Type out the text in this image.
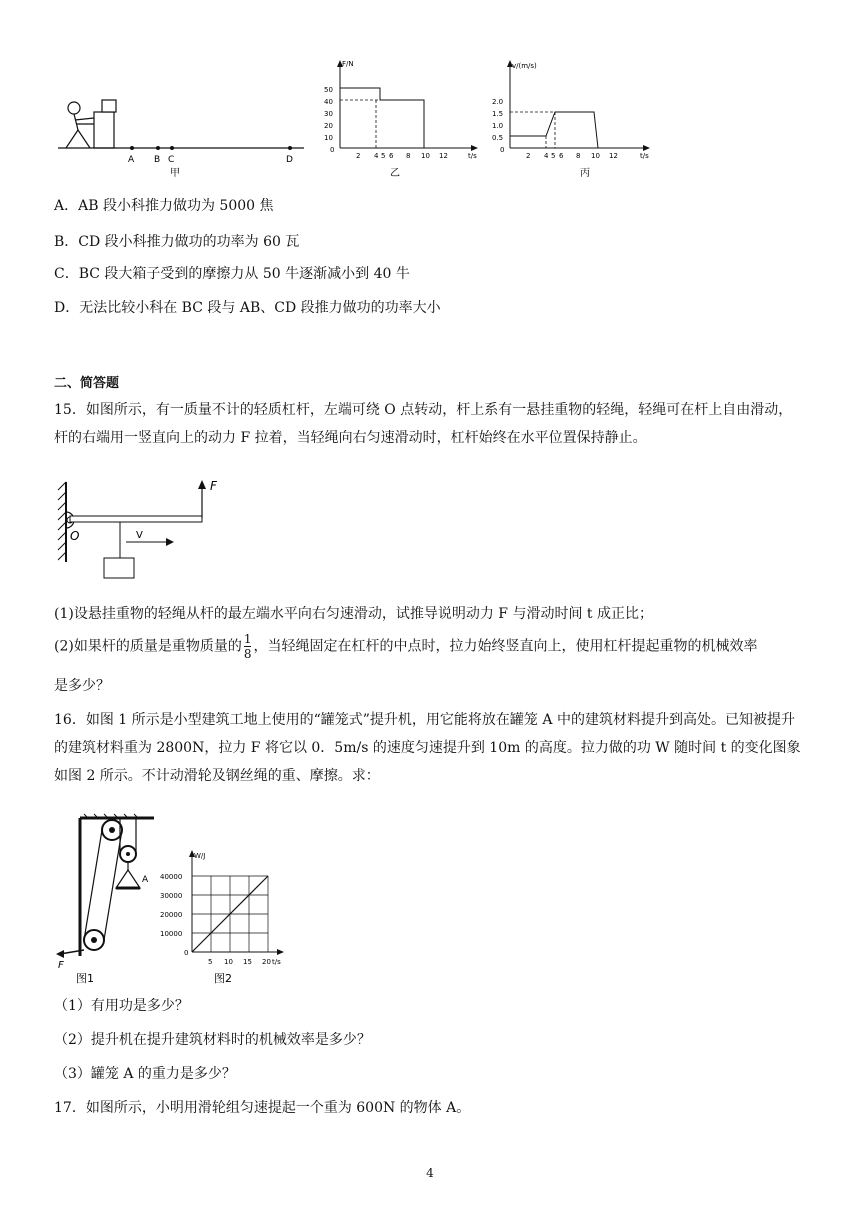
A B C	D
甲
F/N
50
40
30
20
10
0
2 4 5 6 8 10 12	t/s
乙
v/(m/s)
2.0
1.5
1.0
0.5
0
2 4 5 6 8 10 12	t/s
丙
A．AB 段小科推力做功为 5000 焦
B．CD 段小科推力做功的功率为 60 瓦
C．BC 段大箱子受到的摩擦力从 50 牛逐渐减小到 40 牛
D．无法比较小科在 BC 段与 AB、CD 段推力做功的功率大小
二、简答题
15．如图所示，有一质量不计的轻质杠杆，左端可绕 O 点转动，杆上系有一悬挂重物的轻绳，轻绳可在杆上自由滑动，杆的右端用一竖直向上的动力 F 拉着，当轻绳向右匀速滑动时，杠杆始终在水平位置保持静止。
F
O	V
(1)设悬挂重物的轻绳从杆的最左端水平向右匀速滑动，试推导说明动力 F 与滑动时间 t 成正比；
(2)如果杆的质量是重物质量的 $\frac{1}{8}$ ，当轻绳固定在杠杆的中点时，拉力始终竖直向上，使用杠杆提起重物的机械效率
是多少？
16．如图 1 所示是小型建筑工地上使用的“罐笼式”提升机，用它能将放在罐笼 A 中的建筑材料提升到高处。已知被提升的建筑材料重为 2800N，拉力 F 将它以 0．5m/s 的速度匀速提升到 10m 的高度。拉力做的功 W 随时间 t 的变化图象如图 2 所示。不计动滑轮及钢丝绳的重、摩擦。求：
A
F
图1
W/J
40000
30000
20000
10000
0
5 10 15 20 t/s
图2
（1）有用功是多少？
（2）提升机在提升建筑材料时的机械效率是多少？
（3）罐笼 A 的重力是多少？
17．如图所示，小明用滑轮组匀速提起一个重为 600N 的物体 A。
4
